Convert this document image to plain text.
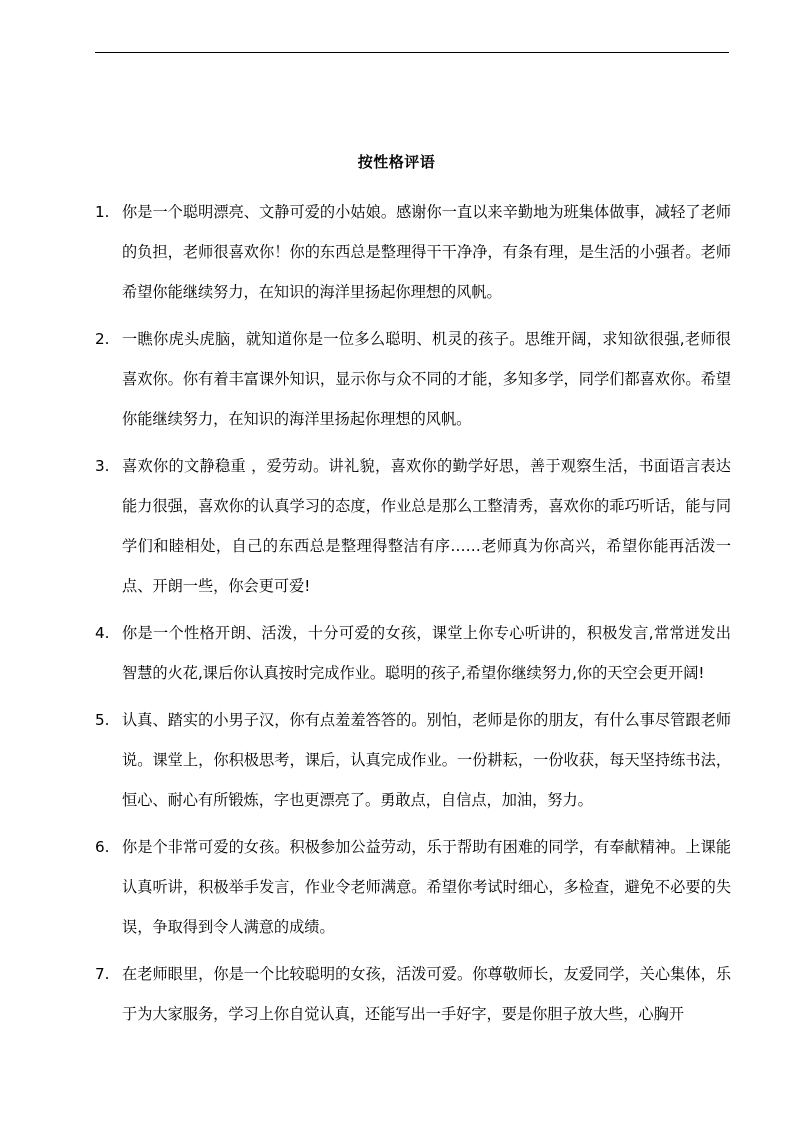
按性格评语
1. 你是一个聪明漂亮、文静可爱的小姑娘。感谢你一直以来辛勤地为班集体做事，减轻了老师的负担，老师很喜欢你！你的东西总是整理得干干净净，有条有理，是生活的小强者。老师希望你能继续努力，在知识的海洋里扬起你理想的风帆。
2. 一瞧你虎头虎脑，就知道你是一位多么聪明、机灵的孩子。思维开阔，求知欲很强,老师很喜欢你。你有着丰富课外知识，显示你与众不同的才能，多知多学，同学们都喜欢你。希望你能继续努力，在知识的海洋里扬起你理想的风帆。
3. 喜欢你的文静稳重 ，爱劳动。讲礼貌，喜欢你的勤学好思，善于观察生活，书面语言表达能力很强，喜欢你的认真学习的态度，作业总是那么工整清秀，喜欢你的乖巧听话，能与同学们和睦相处，自己的东西总是整理得整洁有序……老师真为你高兴，希望你能再活泼一点、开朗一些，你会更可爱!
4. 你是一个性格开朗、活泼，十分可爱的女孩，课堂上你专心听讲的，积极发言,常常迸发出智慧的火花,课后你认真按时完成作业。聪明的孩子,希望你继续努力,你的天空会更开阔!
5. 认真、踏实的小男子汉，你有点羞羞答答的。别怕，老师是你的朋友，有什么事尽管跟老师说。课堂上，你积极思考，课后，认真完成作业。一份耕耘，一份收获，每天坚持练书法，恒心、耐心有所锻炼，字也更漂亮了。勇敢点，自信点，加油，努力。
6. 你是个非常可爱的女孩。积极参加公益劳动，乐于帮助有困难的同学，有奉献精神。上课能认真听讲，积极举手发言，作业令老师满意。希望你考试时细心，多检查，避免不必要的失误，争取得到令人满意的成绩。
7. 在老师眼里，你是一个比较聪明的女孩，活泼可爱。你尊敬师长，友爱同学，关心集体，乐于为大家服务，学习上你自觉认真，还能写出一手好字，要是你胆子放大些，心胸开
